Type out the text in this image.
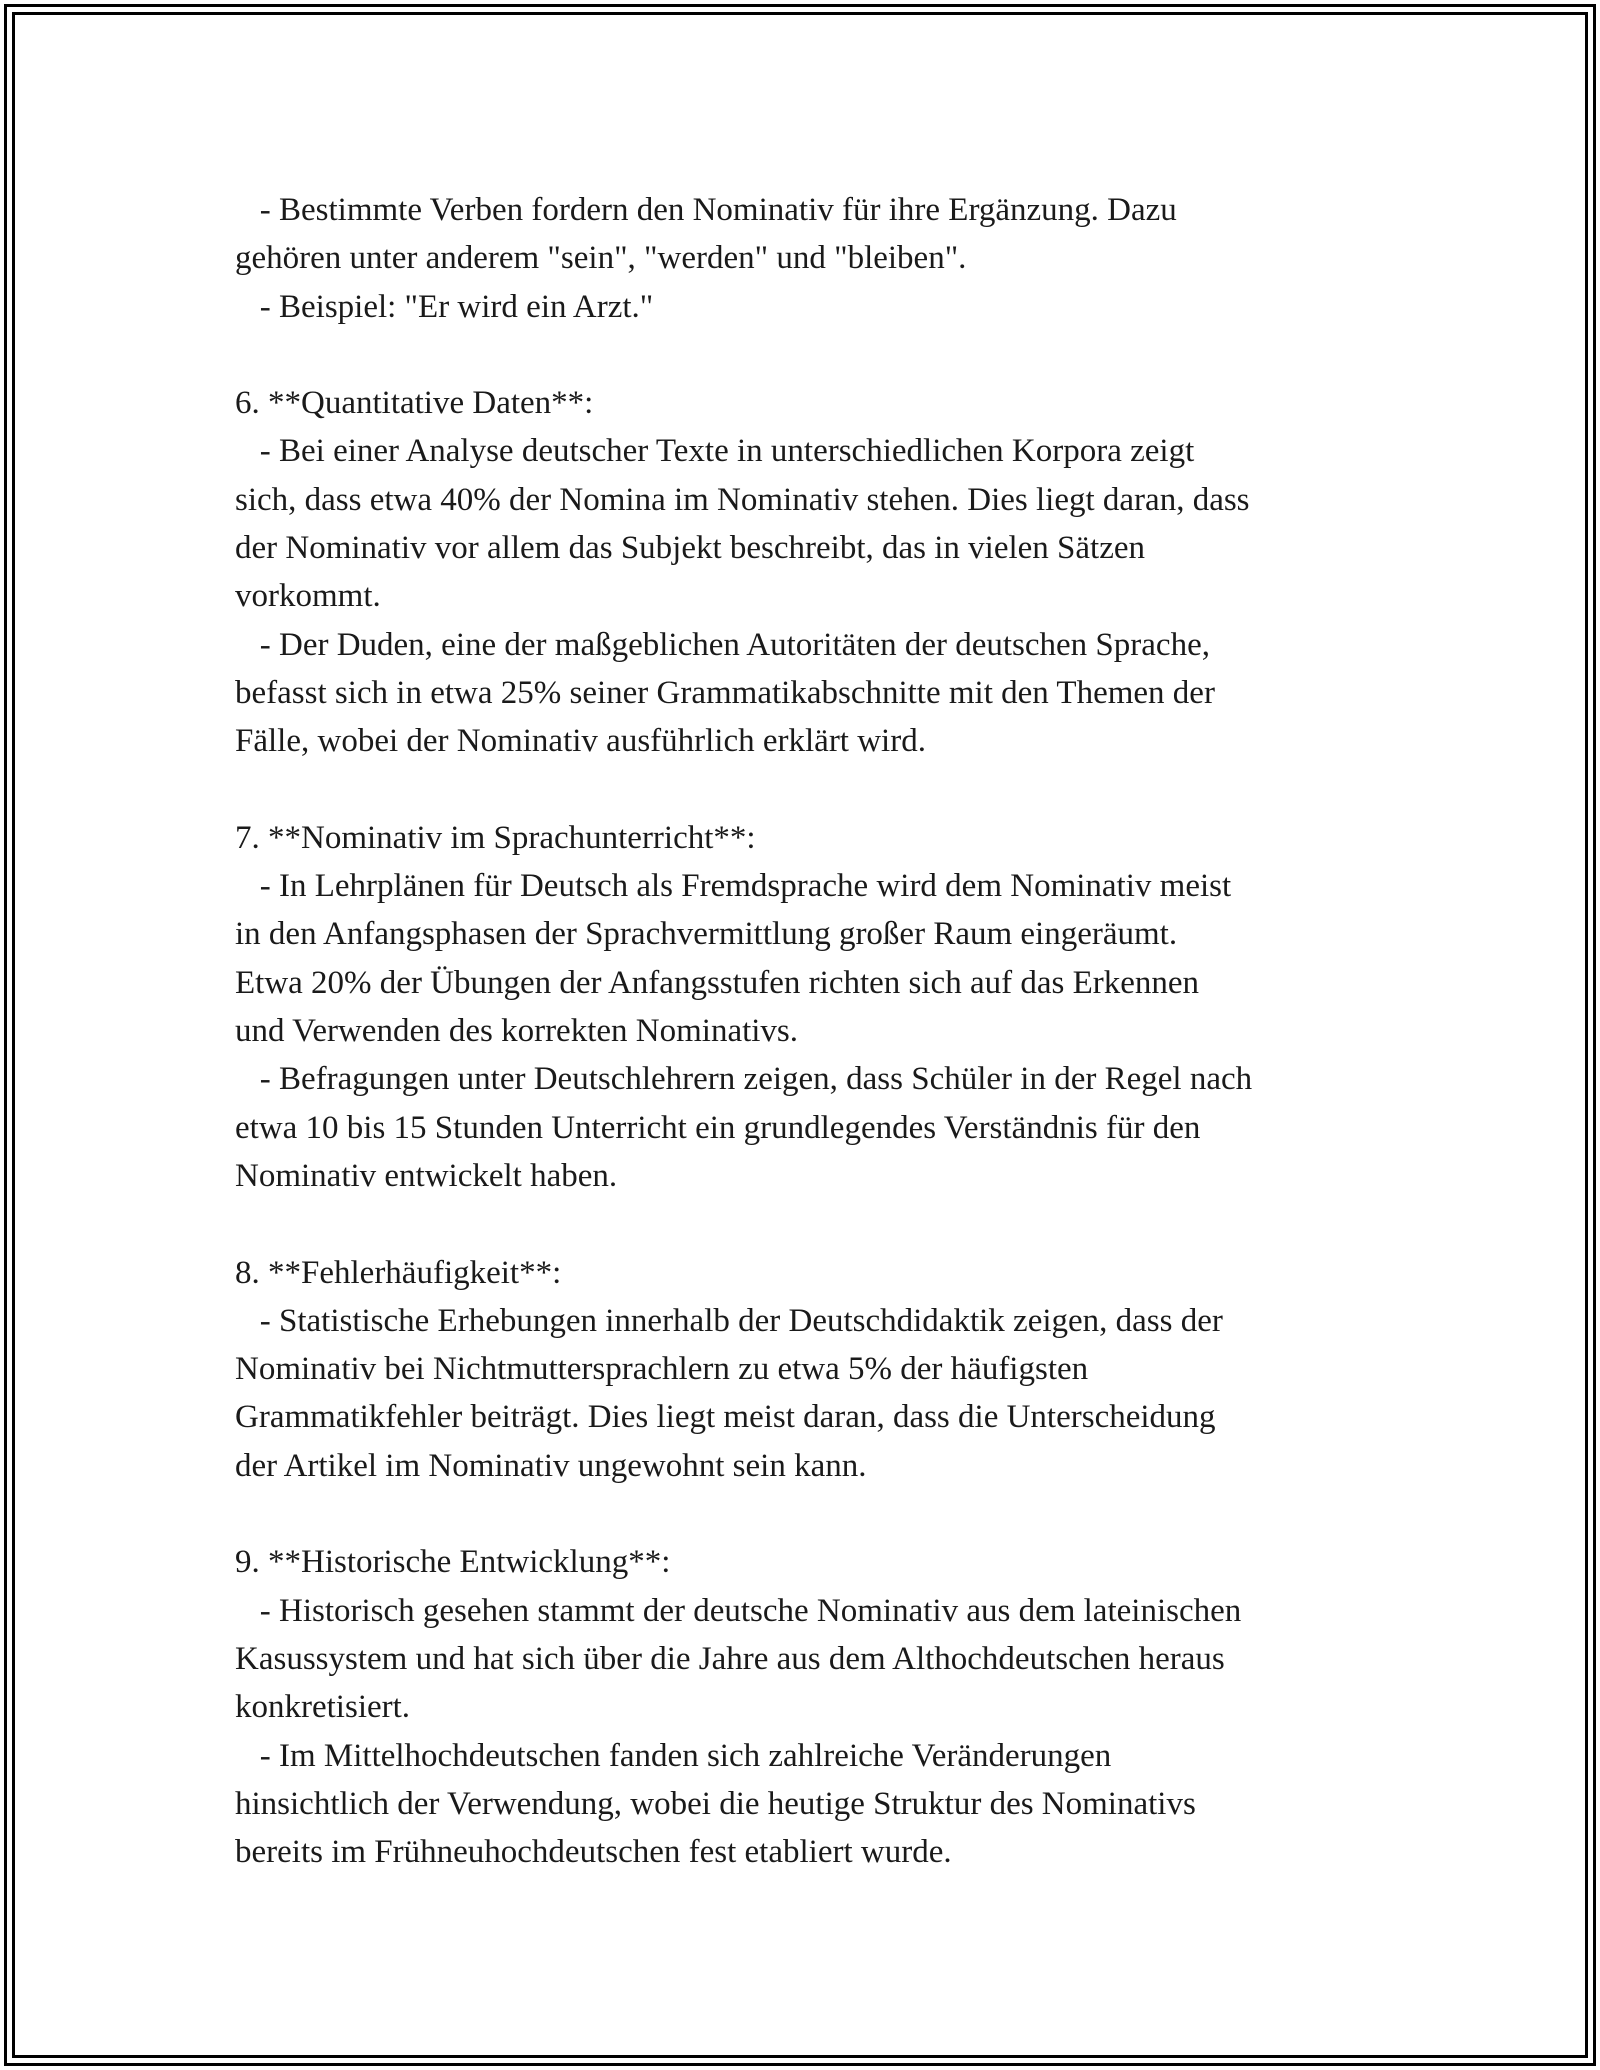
- Bestimmte Verben fordern den Nominativ für ihre Ergänzung. Dazu
gehören unter anderem "sein", "werden" und "bleiben".
- Beispiel: "Er wird ein Arzt."
6. **Quantitative Daten**:
- Bei einer Analyse deutscher Texte in unterschiedlichen Korpora zeigt
sich, dass etwa 40% der Nomina im Nominativ stehen. Dies liegt daran, dass
der Nominativ vor allem das Subjekt beschreibt, das in vielen Sätzen
vorkommt.
- Der Duden, eine der maßgeblichen Autoritäten der deutschen Sprache,
befasst sich in etwa 25% seiner Grammatikabschnitte mit den Themen der
Fälle, wobei der Nominativ ausführlich erklärt wird.
7. **Nominativ im Sprachunterricht**:
- In Lehrplänen für Deutsch als Fremdsprache wird dem Nominativ meist
in den Anfangsphasen der Sprachvermittlung großer Raum eingeräumt.
Etwa 20% der Übungen der Anfangsstufen richten sich auf das Erkennen
und Verwenden des korrekten Nominativs.
- Befragungen unter Deutschlehrern zeigen, dass Schüler in der Regel nach
etwa 10 bis 15 Stunden Unterricht ein grundlegendes Verständnis für den
Nominativ entwickelt haben.
8. **Fehlerhäufigkeit**:
- Statistische Erhebungen innerhalb der Deutschdidaktik zeigen, dass der
Nominativ bei Nichtmuttersprachlern zu etwa 5% der häufigsten
Grammatikfehler beiträgt. Dies liegt meist daran, dass die Unterscheidung
der Artikel im Nominativ ungewohnt sein kann.
9. **Historische Entwicklung**:
- Historisch gesehen stammt der deutsche Nominativ aus dem lateinischen
Kasussystem und hat sich über die Jahre aus dem Althochdeutschen heraus
konkretisiert.
- Im Mittelhochdeutschen fanden sich zahlreiche Veränderungen
hinsichtlich der Verwendung, wobei die heutige Struktur des Nominativs
bereits im Frühneuhochdeutschen fest etabliert wurde.
